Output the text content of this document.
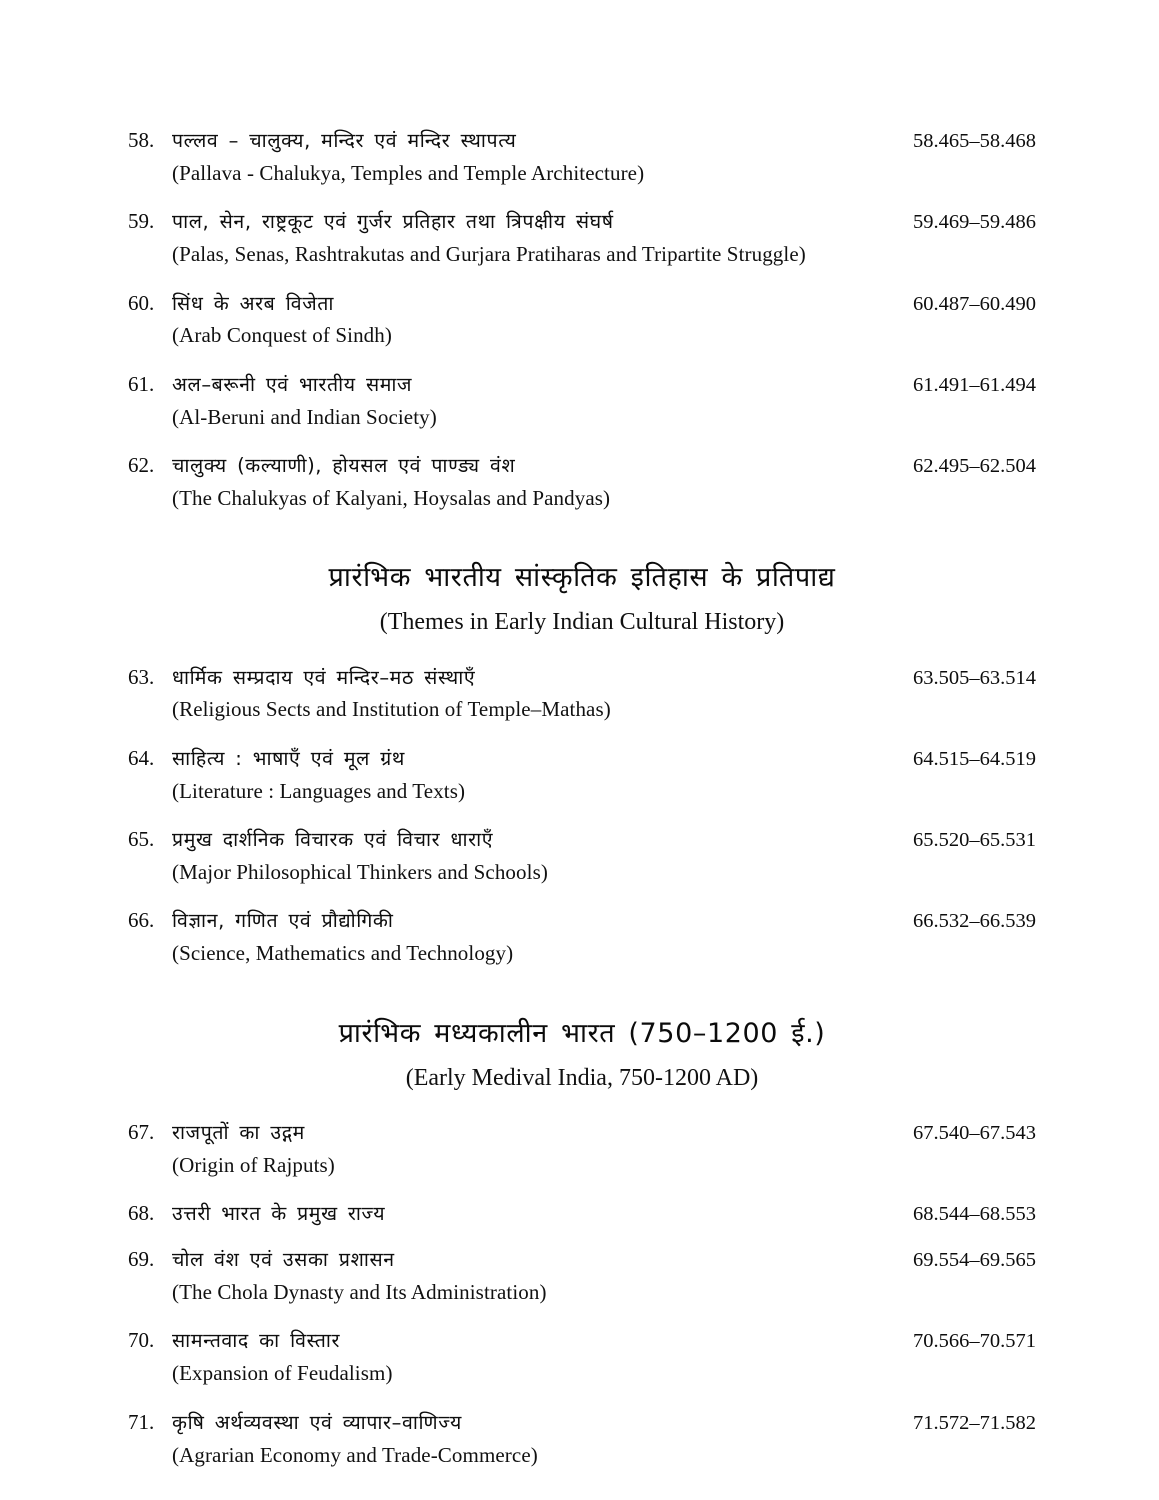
58. पल्लव – चालुक्य, मन्दिर एवं मन्दिर स्थापत्य
(Pallava - Chalukya, Temples and Temple Architecture)
58.465–58.468
59. पाल, सेन, राष्ट्रकूट एवं गुर्जर प्रतिहार तथा त्रिपक्षीय संघर्ष
(Palas, Senas, Rashtrakutas and Gurjara Pratiharas and Tripartite Struggle)
59.469–59.486
60. सिंध के अरब विजेता
(Arab Conquest of Sindh)
60.487–60.490
61. अल–बरूनी एवं भारतीय समाज
(Al-Beruni and Indian Society)
61.491–61.494
62. चालुक्य (कल्याणी), होयसल एवं पाण्ड्य वंश
(The Chalukyas of Kalyani, Hoysalas and Pandyas)
62.495–62.504
प्रारंभिक भारतीय सांस्कृतिक इतिहास के प्रतिपाद्य
(Themes in Early Indian Cultural History)
63. धार्मिक सम्प्रदाय एवं मन्दिर–मठ संस्थाएँ
(Religious Sects and Institution of Temple–Mathas)
63.505–63.514
64. साहित्य : भाषाएँ एवं मूल ग्रंथ
(Literature : Languages and Texts)
64.515–64.519
65. प्रमुख दार्शनिक विचारक एवं विचार धाराएँ
(Major Philosophical Thinkers and Schools)
65.520–65.531
66. विज्ञान, गणित एवं प्रौद्योगिकी
(Science, Mathematics and Technology)
66.532–66.539
प्रारंभिक मध्यकालीन भारत (750–1200 ई.)
(Early Medival India, 750-1200 AD)
67. राजपूतों का उद्गम
(Origin of Rajputs)
67.540–67.543
68. उत्तरी भारत के प्रमुख राज्य	68.544–68.553
69. चोल वंश एवं उसका प्रशासन
(The Chola Dynasty and Its Administration)
69.554–69.565
70. सामन्तवाद का विस्तार
(Expansion of Feudalism)
70.566–70.571
71. कृषि अर्थव्यवस्था एवं व्यापार–वाणिज्य
(Agrarian Economy and Trade-Commerce)
71.572–71.582
